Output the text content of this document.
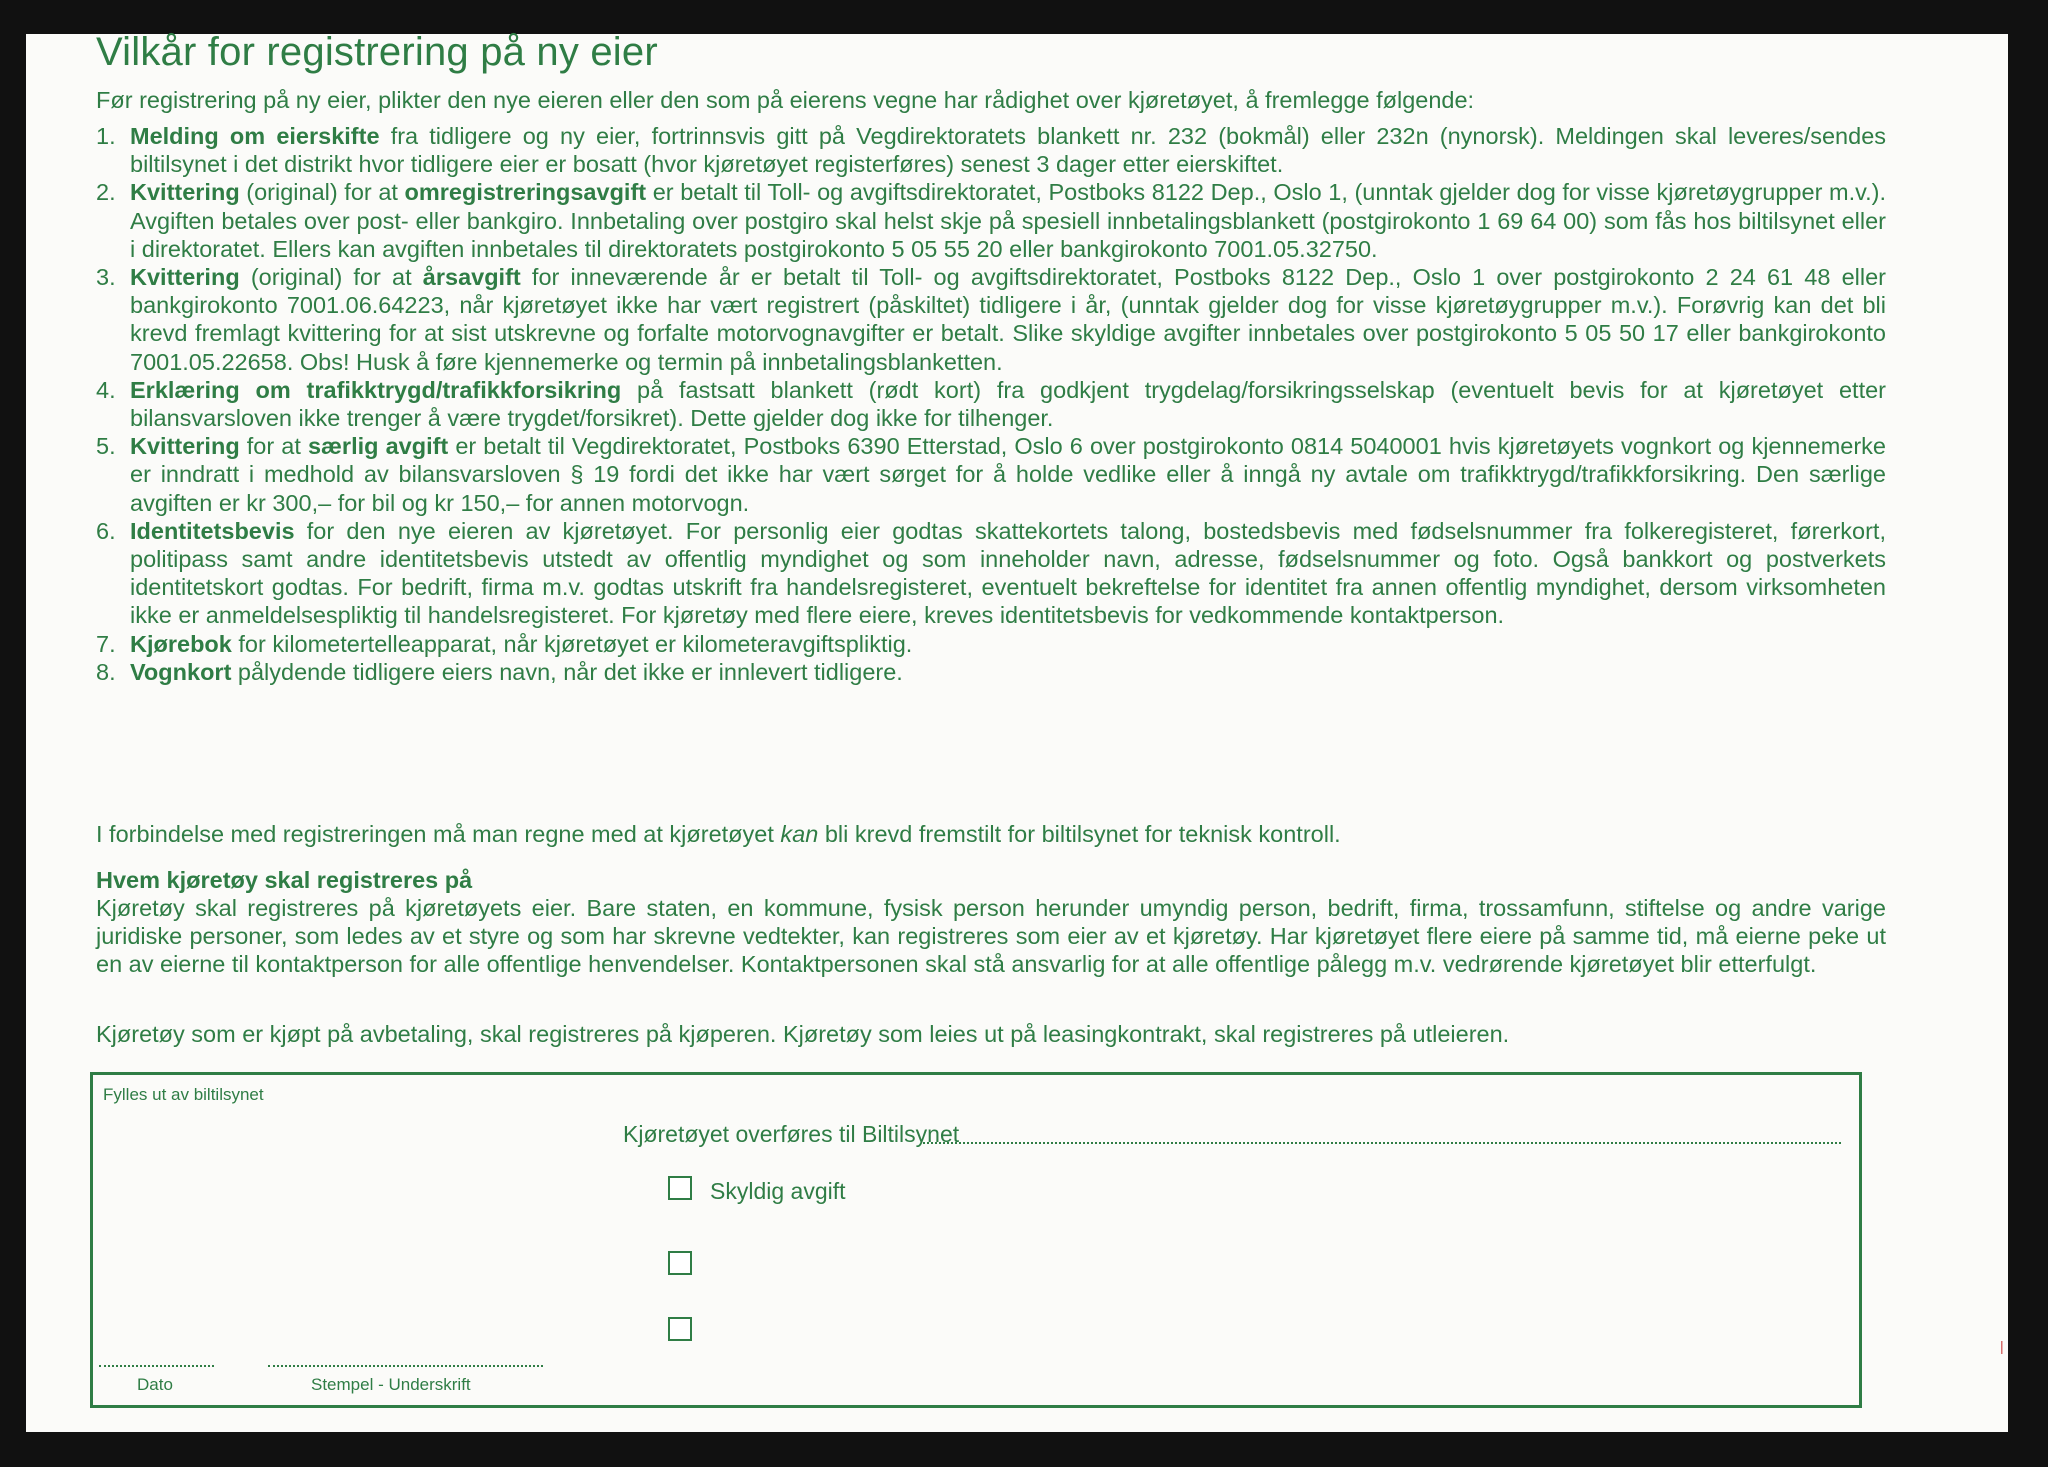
Vilkår for registrering på ny eier
Før registrering på ny eier, plikter den nye eieren eller den som på eierens vegne har rådighet over kjøretøyet, å fremlegge følgende:
1. Melding om eierskifte fra tidligere og ny eier, fortrinnsvis gitt på Vegdirektoratets blankett nr. 232 (bokmål) eller 232n (nynorsk). Meldingen skal leveres/sendes biltilsynet i det distrikt hvor tidligere eier er bosatt (hvor kjøretøyet registerføres) senest 3 dager etter eierskiftet.
2. Kvittering (original) for at omregistreringsavgift er betalt til Toll- og avgiftsdirektoratet, Postboks 8122 Dep., Oslo 1, (unntak gjelder dog for visse kjøretøygrupper m.v.). Avgiften betales over post- eller bankgiro. Innbetaling over postgiro skal helst skje på spesiell innbetalingsblankett (postgirokonto 1 69 64 00) som fås hos biltilsynet eller i direktoratet. Ellers kan avgiften innbetales til direktoratets postgirokonto 5 05 55 20 eller bankgirokonto 7001.05.32750.
3. Kvittering (original) for at årsavgift for inneværende år er betalt til Toll- og avgiftsdirektoratet, Postboks 8122 Dep., Oslo 1 over postgirokonto 2 24 61 48 eller bankgirokonto 7001.06.64223, når kjøretøyet ikke har vært registrert (påskiltet) tidligere i år, (unntak gjelder dog for visse kjøretøygrupper m.v.). Forøvrig kan det bli krevd fremlagt kvittering for at sist utskrevne og forfalte motorvognavgifter er betalt. Slike skyldige avgifter innbetales over postgirokonto 5 05 50 17 eller bankgirokonto 7001.05.22658. Obs! Husk å føre kjennemerke og termin på innbetalingsblanketten.
4. Erklæring om trafikktrygd/trafikkforsikring på fastsatt blankett (rødt kort) fra godkjent trygdelag/forsikringsselskap (eventuelt bevis for at kjøretøyet etter bilansvarsloven ikke trenger å være trygdet/forsikret). Dette gjelder dog ikke for tilhenger.
5. Kvittering for at særlig avgift er betalt til Vegdirektoratet, Postboks 6390 Etterstad, Oslo 6 over postgirokonto 0814 5040001 hvis kjøretøyets vognkort og kjennemerke er inndratt i medhold av bilansvarsloven § 19 fordi det ikke har vært sørget for å holde vedlike eller å inngå ny avtale om trafikktrygd/trafikkforsikring. Den særlige avgiften er kr 300,– for bil og kr 150,– for annen motorvogn.
6. Identitetsbevis for den nye eieren av kjøretøyet. For personlig eier godtas skattekortets talong, bostedsbevis med fødselsnummer fra folkeregisteret, førerkort, politipass samt andre identitetsbevis utstedt av offentlig myndighet og som inneholder navn, adresse, fødselsnummer og foto. Også bankkort og postverkets identitetskort godtas. For bedrift, firma m.v. godtas utskrift fra handelsregisteret, eventuelt bekreftelse for identitet fra annen offentlig myndighet, dersom virksomheten ikke er anmeldelsespliktig til handelsregisteret. For kjøretøy med flere eiere, kreves identitetsbevis for vedkommende kontaktperson.
7. Kjørebok for kilometertelleapparat, når kjøretøyet er kilometeravgiftspliktig.
8. Vognkort pålydende tidligere eiers navn, når det ikke er innlevert tidligere.
I forbindelse med registreringen må man regne med at kjøretøyet kan bli krevd fremstilt for biltilsynet for teknisk kontroll.
Hvem kjøretøy skal registreres på
Kjøretøy skal registreres på kjøretøyets eier. Bare staten, en kommune, fysisk person herunder umyndig person, bedrift, firma, trossamfunn, stiftelse og andre varige juridiske personer, som ledes av et styre og som har skrevne vedtekter, kan registreres som eier av et kjøretøy. Har kjøretøyet flere eiere på samme tid, må eierne peke ut en av eierne til kontaktperson for alle offentlige henvendelser. Kontaktpersonen skal stå ansvarlig for at alle offentlige pålegg m.v. vedrørende kjøretøyet blir etterfulgt.
Kjøretøy som er kjøpt på avbetaling, skal registreres på kjøperen. Kjøretøy som leies ut på leasingkontrakt, skal registreres på utleieren.
Fylles ut av biltilsynet
Kjøretøyet overføres til Biltilsynet
Skyldig avgift
Dato	Stempel - Underskrift
|
